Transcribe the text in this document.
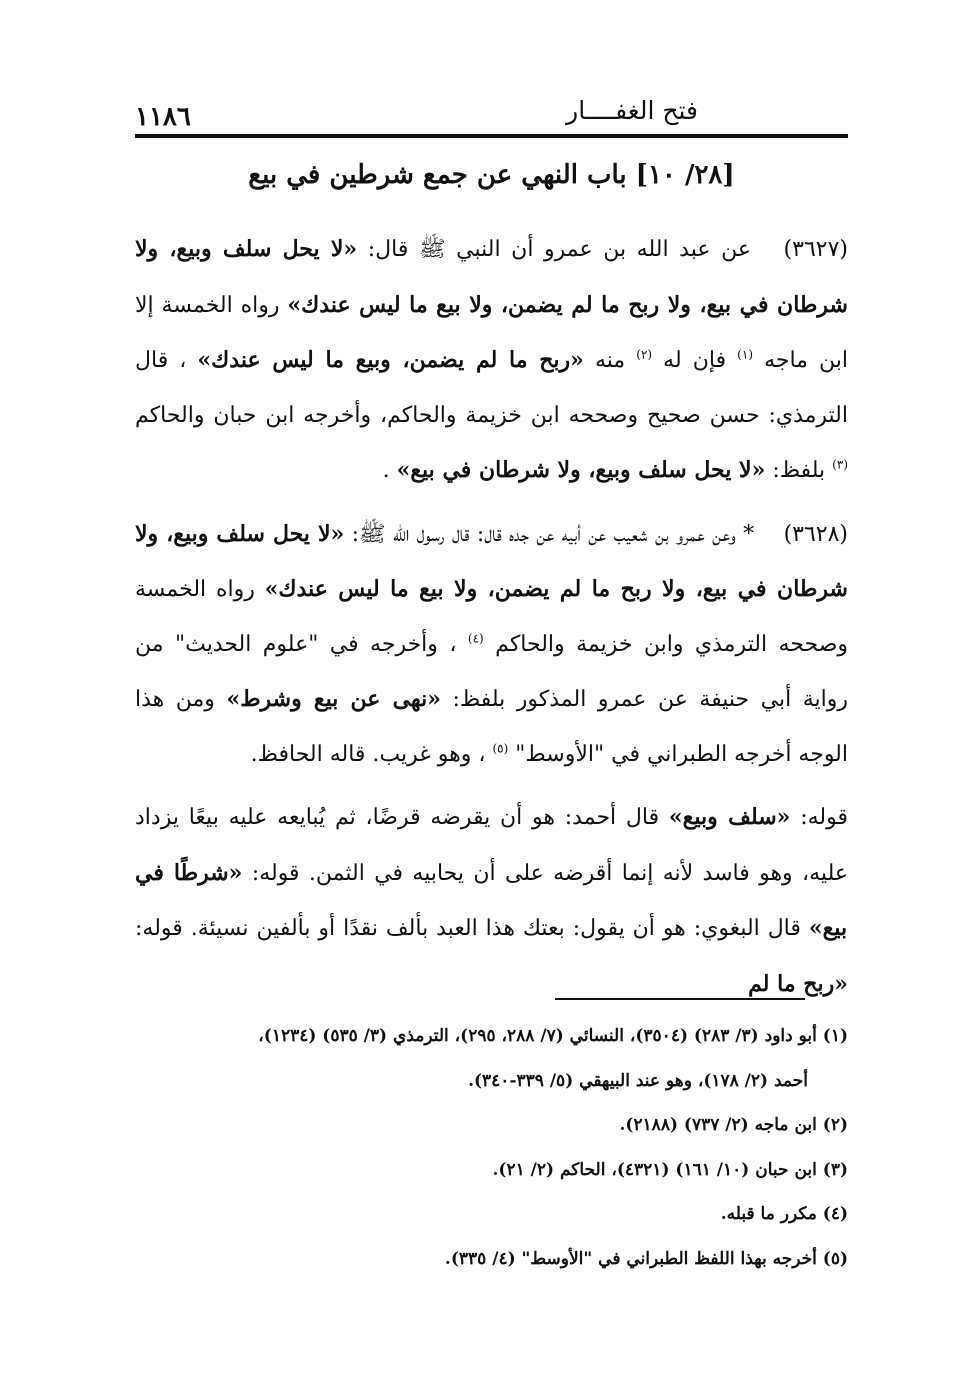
فتح الغفــــار
١١٨٦
[٢٨/ ١٠] باب النهي عن جمع شرطين في بيع

(٣٦٢٧) عن عبد الله بن عمرو أن النبي ﷺ قال: «لا يحل سلف وبيع، ولا شرطان في بيع، ولا ربح ما لم يضمن، ولا بيع ما ليس عندك» رواه الخمسة إلا ابن ماجه $^{(١)}$ فإن له $^{(٢)}$ منه «ربح ما لم يضمن، وبيع ما ليس عندك» ، قال الترمذي: حسن صحيح وصححه ابن خزيمة والحاكم، وأخرجه ابن حبان والحاكم $^{(٣)}$ بلفظ: «لا يحل سلف وبيع، ولا شرطان في بيع» .

(٣٦٢٨) * وعن عمرو بن شعيب عن أبيه عن جده قال: قال رسول الله ﷺ: «لا يحل سلف وبيع، ولا شرطان في بيع، ولا ربح ما لم يضمن، ولا بيع ما ليس عندك» رواه الخمسة وصححه الترمذي وابن خزيمة والحاكم $^{(٤)}$ ، وأخرجه في "علوم الحديث" من رواية أبي حنيفة عن عمرو المذكور بلفظ: «نهى عن بيع وشرط» ومن هذا الوجه أخرجه الطبراني في "الأوسط" $^{(٥)}$ ، وهو غريب. قاله الحافظ.

قوله: «سلف وبيع» قال أحمد: هو أن يقرضه قرضًا، ثم يُبايعه عليه بيعًا يزداد عليه، وهو فاسد لأنه إنما أقرضه على أن يحابيه في الثمن. قوله: «شرطًا في بيع» قال البغوي: هو أن يقول: بعتك هذا العبد بألف نقدًا أو بألفين نسيئة. قوله: «ربح ما لم

(١) أبو داود (٣/ ٢٨٣) (٣٥٠٤)، النسائي (٧/ ٢٨٨، ٢٩٥)، الترمذي (٣/ ٥٣٥) (١٢٣٤)،

أحمد (٢/ ١٧٨)، وهو عند البيهقي (٥/ ٣٣٩-٣٤٠).

(٢) ابن ماجه (٢/ ٧٣٧) (٢١٨٨).

(٣) ابن حبان (١٠/ ١٦١) (٤٣٢١)، الحاكم (٢/ ٢١).

(٤) مكرر ما قبله.

(٥) أخرجه بهذا اللفظ الطبراني في "الأوسط" (٤/ ٣٣٥).
